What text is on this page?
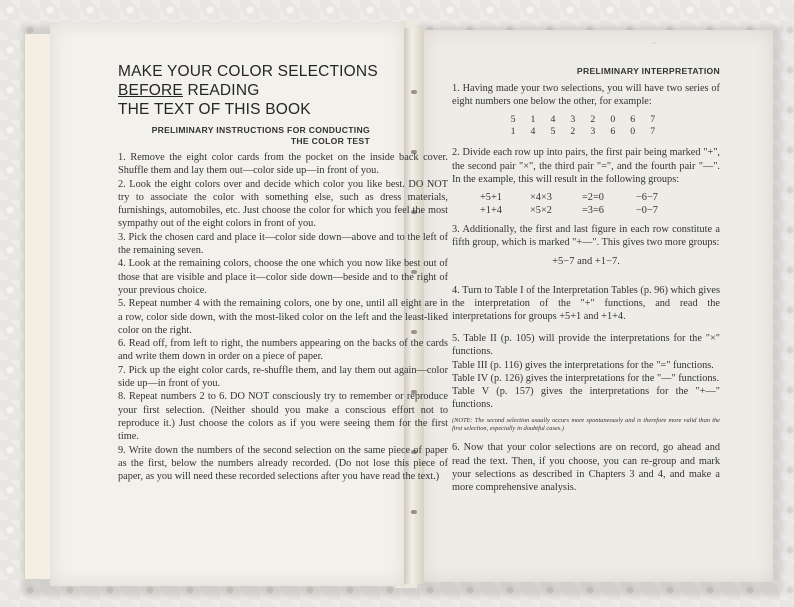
…
MAKE YOUR COLOR SELECTIONS
BEFORE READING
THE TEXT OF THIS BOOK
PRELIMINARY INSTRUCTIONS FOR CONDUCTING
THE COLOR TEST

1. Remove the eight color cards from the pocket on the inside back cover. Shuffle them and lay them out—color side up—in front of you.

2. Look the eight colors over and decide which color you like best. DO NOT try to associate the color with something else, such as dress materials, furnishings, automobiles, etc. Just choose the color for which you feel the most sympathy out of the eight colors in front of you.

3. Pick the chosen card and place it—color side down—above and to the left of the remaining seven.

4. Look at the remaining colors, choose the one which you now like best out of those that are visible and place it—color side down—beside and to the right of your previous choice.

5. Repeat number 4 with the remaining colors, one by one, until all eight are in a row, color side down, with the most-liked color on the left and the least-liked color on the right.

6. Read off, from left to right, the numbers appearing on the backs of the cards and write them down in order on a piece of paper.

7. Pick up the eight color cards, re-shuffle them, and lay them out again—color side up—in front of you.

8. Repeat numbers 2 to 6. DO NOT consciously try to remember or reproduce your first selection. (Neither should you make a conscious effort not to reproduce it.) Just choose the colors as if you were seeing them for the first time.

9. Write down the numbers of the second selection on the same piece of paper as the first, below the numbers already recorded. (Do not lose this piece of paper, as you will need these recorded selections after you have read the text.)

PRELIMINARY INTERPRETATION

1. Having made your two selections, you will have two series of eight numbers one below the other, for example:

5 1 4 3 2 0 6 7
1 4 5 2 3 6 0 7

2. Divide each row up into pairs, the first pair being marked "+", the second pair "×", the third pair "=", and the fourth pair "—". In the example, this will result in the following groups:

+5+1	×4×3	=2=0	−6−7
+1+4	×5×2	=3=6	−0−7

3. Additionally, the first and last figure in each row constitute a fifth group, which is marked "+—". This gives two more groups:

+5−7 and +1−7.

4. Turn to Table I of the Interpretation Tables (p. 96) which gives the interpretation of the "+" functions, and read the interpretations for groups +5+1 and +1+4.

5. Table II (p. 105) will provide the interpretations for the "×" functions.

Table III (p. 116) gives the interpretations for the "=" functions.

Table IV (p. 126) gives the interpretations for the "—" functions.

Table V (p. 157) gives the interpretations for the "+—" functions.

(NOTE: The second selection usually occurs more spontaneously and is therefore more valid than the first selection, especially in doubtful cases.)

6. Now that your color selections are on record, go ahead and read the text. Then, if you choose, you can re-group and mark your selections as described in Chapters 3 and 4, and make a more comprehensive analysis.
